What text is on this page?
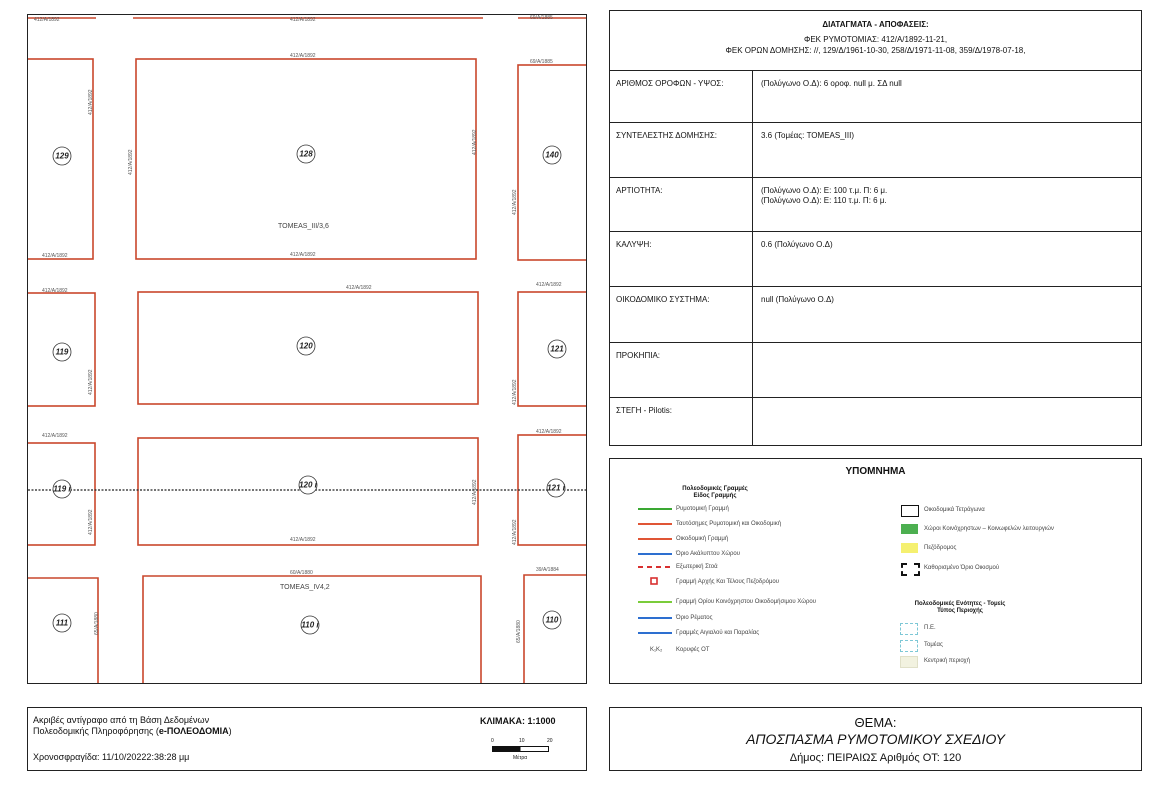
412/A/1892	412/A/1892	69/A/1885
412/A/1892
69/A/1885
412/A/1892
412/A/1892
412/A/1892	412/A/1892	412/A/1892
412/A/1892
412/A/1892
412/A/1892
60/A/1880	39/A/1884
412/A/1892
412/A/1892
412/A/1892
412/A/1892
412/A/1892	412/A/1892
412/A/1892
412/A/1892
412/A/1892
65/A/1880	65/A/1880
TOMEAS_III/3,6
TOMEAS_IV4,2
129	128	140
119
120	121
119 i	120 i	121 i
111	110 i
110
ΔΙΑΤΑΓΜΑΤΑ - ΑΠΟΦΑΣΕΙΣ:
ΦΕΚ ΡΥΜΟΤΟΜΙΑΣ: 412/Α/1892-11-21,
ΦΕΚ ΟΡΩΝ ΔΟΜΗΣΗΣ: //, 129/Δ/1961-10-30, 258/Δ/1971-11-08, 359/Δ/1978-07-18,
ΑΡΙΘΜΟΣ ΟΡΟΦΩΝ - ΥΨΟΣ:	(Πολύγωνο Ο.Δ): 6 οροφ. null μ. ΣΔ null
ΣΥΝΤΕΛΕΣΤΗΣ ΔΟΜΗΣΗΣ:	3.6 (Τομέας: TOMEAS_III)
ΑΡΤΙΟΤΗΤΑ:	(Πολύγωνο Ο.Δ): Ε: 100 τ.μ. Π: 6 μ.
(Πολύγωνο Ο.Δ): Ε: 110 τ.μ. Π: 6 μ.
ΚΑΛΥΨΗ:	0.6 (Πολύγωνο Ο.Δ)
ΟΙΚΟΔΟΜΙΚΟ ΣΥΣΤΗΜΑ:	null (Πολύγωνο Ο.Δ)
ΠΡΟΚΗΠΙΑ:
ΣΤΕΓΗ - Pilotis:
ΥΠΟΜΝΗΜΑ
Πολεοδομικές Γραμμές
Είδος Γραμμής
Ρυμοτομική Γραμμή
Ταυτόσημες Ρυμοτομική και Οικοδομική
Οικοδομική Γραμμή
Όριο Ακάλυπτου Χώρου
Εξωτερική Στοά
Γραμμή Αρχής Και Τέλους Πεζοδρόμου
Γραμμή Ορίου Κοινόχρηστου Οικοδομήσιμου Χώρου
Όριο Ρέματος
Γραμμές Αιγιαλού και Παραλίας
K₁K₂ Κορυφές ΟΤ
Οικοδομικά Τετράγωνα
Χώροι Κοινόχρηστων – Κοινωφελών λειτουργιών
Πεζόδρομος
Καθορισμένο Όριο Οικισμού
Πολεοδομικές Ενότητες - Τομείς
Τύπος Περιοχής
Π.Ε.
Τομέας
Κεντρική περιοχή
Ακριβές αντίγραφο από τη Βάση Δεδομένων
Πολεοδομικής Πληροφόρησης (e-ΠΟΛΕΟΔΟΜΙΑ)
Χρονοσφραγίδα: 11/10/20222:38:28 μμ
ΚΛΙΜΑΚΑ: 1:1000
0	10	20
Μέτρα
ΘΕΜΑ:
ΑΠΟΣΠΑΣΜΑ ΡΥΜΟΤΟΜΙΚΟΥ ΣΧΕΔΙΟΥ
Δήμος: ΠΕΙΡΑΙΩΣ Αριθμός ΟΤ: 120
